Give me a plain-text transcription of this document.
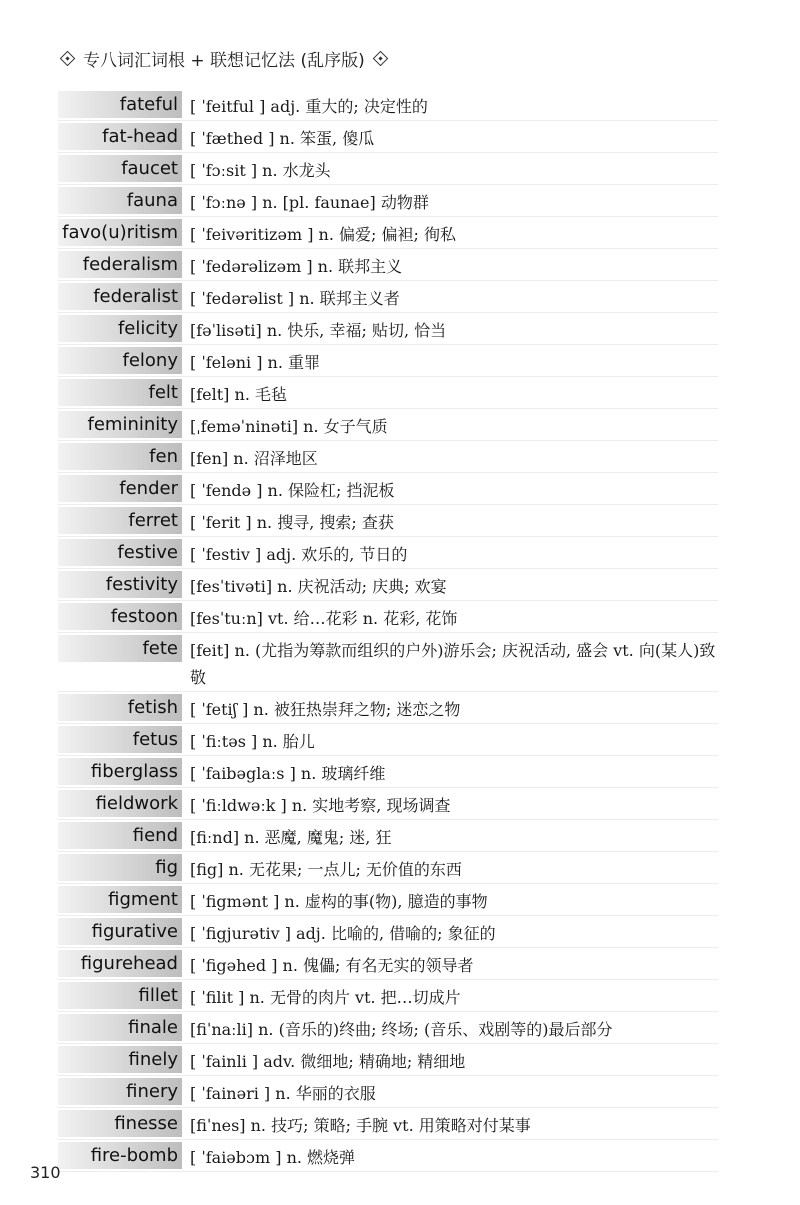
专八词汇词根 + 联想记忆法 (乱序版)
fateful [ ˈfeitful ] adj. 重大的; 决定性的
fat-head [ ˈfæthed ] n. 笨蛋, 傻瓜
faucet [ ˈfɔːsit ] n. 水龙头
fauna [ ˈfɔːnə ] n. [pl. faunae] 动物群
favo(u)ritism [ ˈfeivəritizəm ] n. 偏爱; 偏袒; 徇私
federalism [ ˈfedərəlizəm ] n. 联邦主义
federalist [ ˈfedərəlist ] n. 联邦主义者
felicity [fəˈlisəti] n. 快乐, 幸福; 贴切, 恰当
felony [ ˈfeləni ] n. 重罪
felt [felt] n. 毛毡
femininity [ˌfeməˈninəti] n. 女子气质
fen [fen] n. 沼泽地区
fender [ ˈfendə ] n. 保险杠; 挡泥板
ferret [ ˈferit ] n. 搜寻, 搜索; 查获
festive [ ˈfestiv ] adj. 欢乐的, 节日的
festivity [fesˈtivəti] n. 庆祝活动; 庆典; 欢宴
festoon [fesˈtuːn] vt. 给…花彩 n. 花彩, 花饰
fete [feit] n. (尤指为筹款而组织的户外)游乐会; 庆祝活动, 盛会 vt. 向(某人)致敬
fetish [ ˈfetiʃ ] n. 被狂热崇拜之物; 迷恋之物
fetus [ ˈfiːtəs ] n. 胎儿
fiberglass [ ˈfaibəglaːs ] n. 玻璃纤维
fieldwork [ ˈfiːldwəːk ] n. 实地考察, 现场调查
fiend [fiːnd] n. 恶魔, 魔鬼; 迷, 狂
fig [fig] n. 无花果; 一点儿; 无价值的东西
figment [ ˈfigmənt ] n. 虚构的事(物), 臆造的事物
figurative [ ˈfigjurətiv ] adj. 比喻的, 借喻的; 象征的
figurehead [ ˈfigəhed ] n. 傀儡; 有名无实的领导者
fillet [ ˈfilit ] n. 无骨的肉片 vt. 把…切成片
finale [fiˈnaːli] n. (音乐的)终曲; 终场; (音乐、戏剧等的)最后部分
finely [ ˈfainli ] adv. 微细地; 精确地; 精细地
finery [ ˈfainəri ] n. 华丽的衣服
finesse [fiˈnes] n. 技巧; 策略; 手腕 vt. 用策略对付某事
fire-bomb [ ˈfaiəbɔm ] n. 燃烧弹
310
